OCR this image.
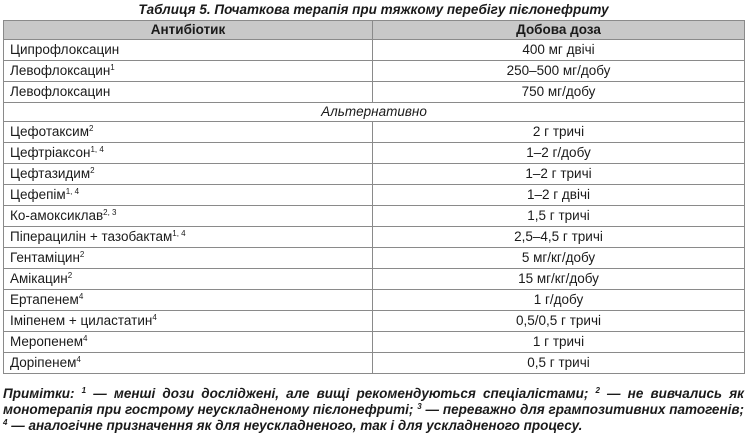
Таблиця 5. Початкова терапія при тяжкому перебігу пієлонефриту
Антибіотик	Добова доза
Ципрофлоксацин	400 мг двічі
Левофлоксацин$^1$	250–500 мг/добу
Левофлоксацин	750 мг/добу
Альтернативно	
Цефотаксим$^2$	2 г тричі
Цефтріаксон$^{1, 4}$	1–2 г/добу
Цефтазидим$^2$	1–2 г тричі
Цефепім$^{1, 4}$	1–2 г двічі
Ко-амоксиклав$^{2, 3}$	1,5 г тричі
Піперацилін + тазобактам$^{1, 4}$	2,5–4,5 г тричі
Гентаміцин$^2$	5 мг/кг/добу
Амікацин$^2$	15 мг/кг/добу
Ертапенем$^4$	1 г/добу
Іміпенем + циластатин$^4$	0,5/0,5 г тричі
Меропенем$^4$	1 г тричі
Доріпенем$^4$	0,5 г тричі
Примітки: $^1$ — менші дози досліджені, але вищі рекомендуються спеціалістами; $^2$ — не вивчались як монотерапія при гострому неускладненому пієлонефриті; $^3$ — переважно для грампозитивних патогенів; $^4$ — аналогічне призначення як для неускладненого, так і для ускладненого процесу.
